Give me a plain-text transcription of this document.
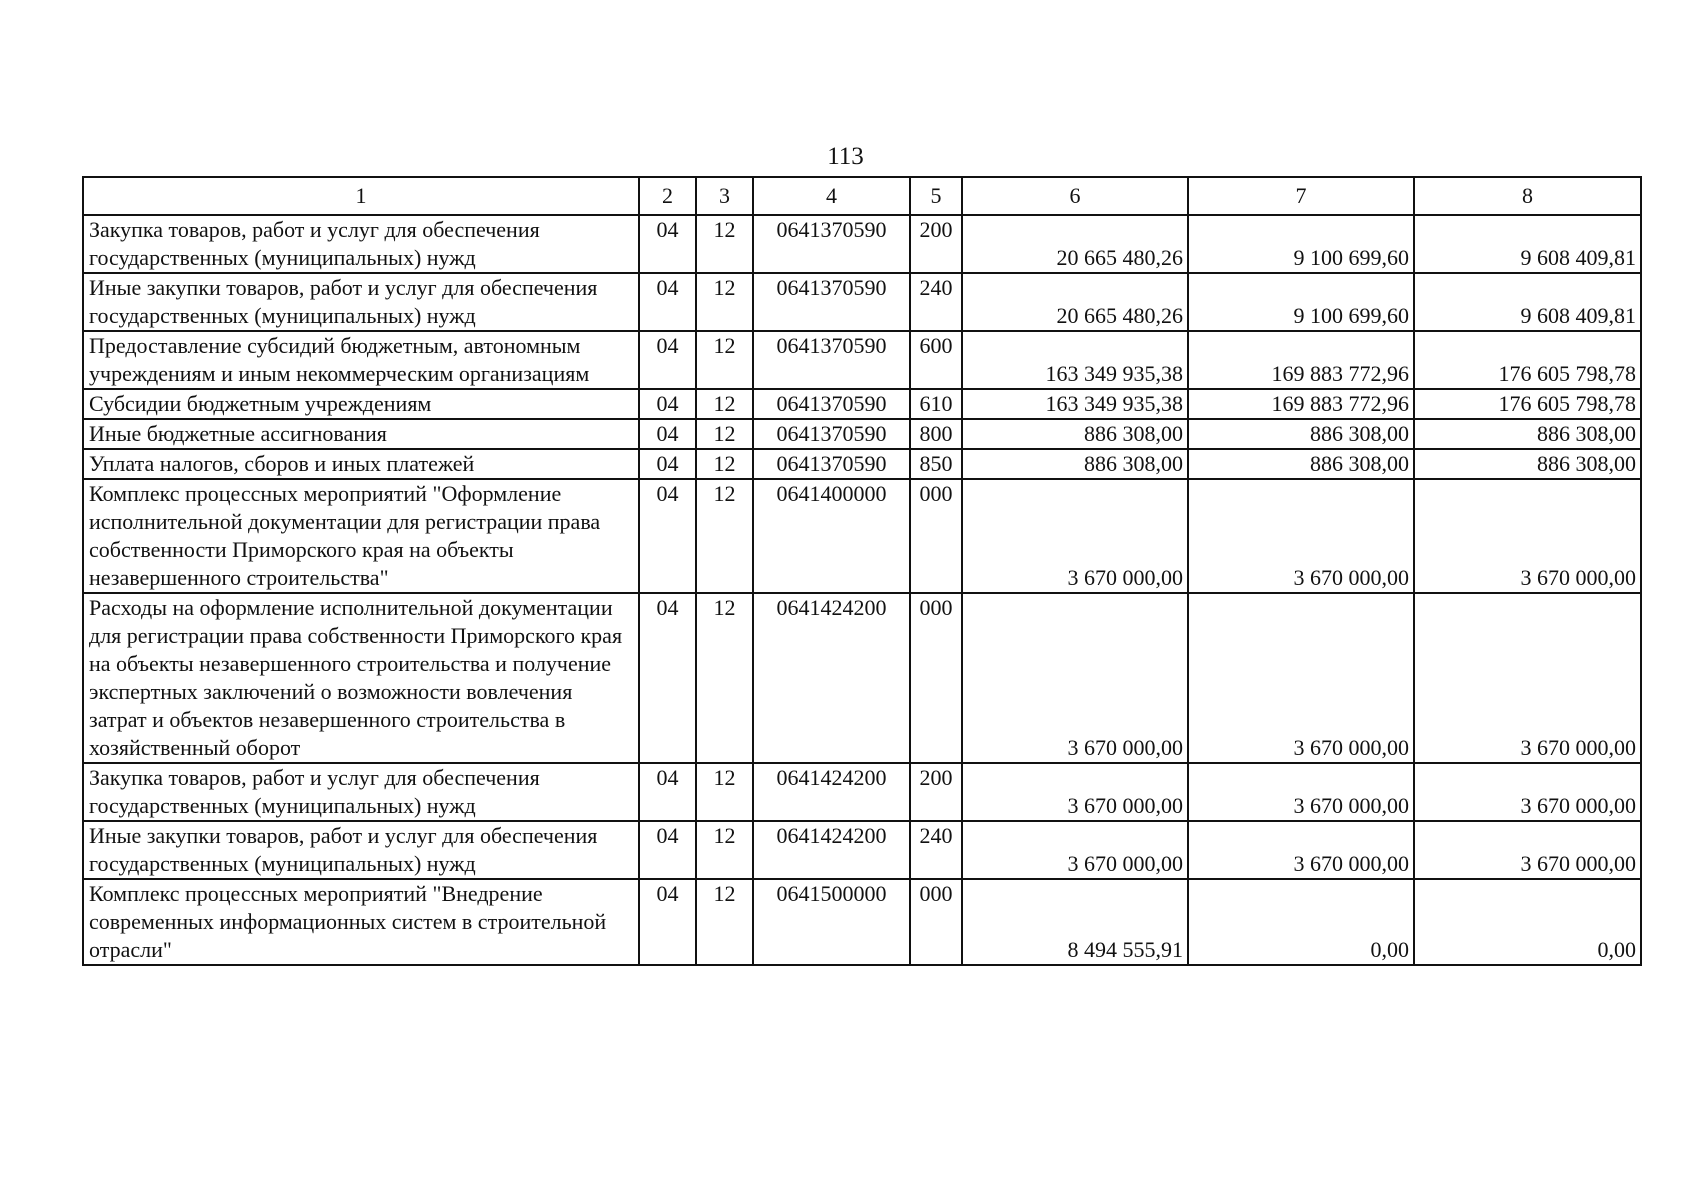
113
1	2	3	4	5	6	7	8
Закупка товаров, работ и услуг для обеспечения государственных (муниципальных) нужд	04	12	0641370590	200	20 665 480,26	9 100 699,60	9 608 409,81
Иные закупки товаров, работ и услуг для обеспечения государственных (муниципальных) нужд	04	12	0641370590	240	20 665 480,26	9 100 699,60	9 608 409,81
Предоставление субсидий бюджетным, автономным учреждениям и иным некоммерческим организациям	04	12	0641370590	600	163 349 935,38	169 883 772,96	176 605 798,78
Субсидии бюджетным учреждениям	04	12	0641370590	610	163 349 935,38	169 883 772,96	176 605 798,78
Иные бюджетные ассигнования	04	12	0641370590	800	886 308,00	886 308,00	886 308,00
Уплата налогов, сборов и иных платежей	04	12	0641370590	850	886 308,00	886 308,00	886 308,00
Комплекс процессных мероприятий "Оформление исполнительной документации для регистрации права собственности Приморского края на объекты незавершенного строительства"	04	12	0641400000	000	3 670 000,00	3 670 000,00	3 670 000,00
Расходы на оформление исполнительной документации для регистрации права собственности Приморского края на объекты незавершенного строительства и получение экспертных заключений о возможности вовлечения затрат и объектов незавершенного строительства в хозяйственный оборот	04	12	0641424200	000	3 670 000,00	3 670 000,00	3 670 000,00
Закупка товаров, работ и услуг для обеспечения государственных (муниципальных) нужд	04	12	0641424200	200	3 670 000,00	3 670 000,00	3 670 000,00
Иные закупки товаров, работ и услуг для обеспечения государственных (муниципальных) нужд	04	12	0641424200	240	3 670 000,00	3 670 000,00	3 670 000,00
Комплекс процессных мероприятий "Внедрение современных информационных систем в строительной отрасли"	04	12	0641500000	000	8 494 555,91	0,00	0,00
